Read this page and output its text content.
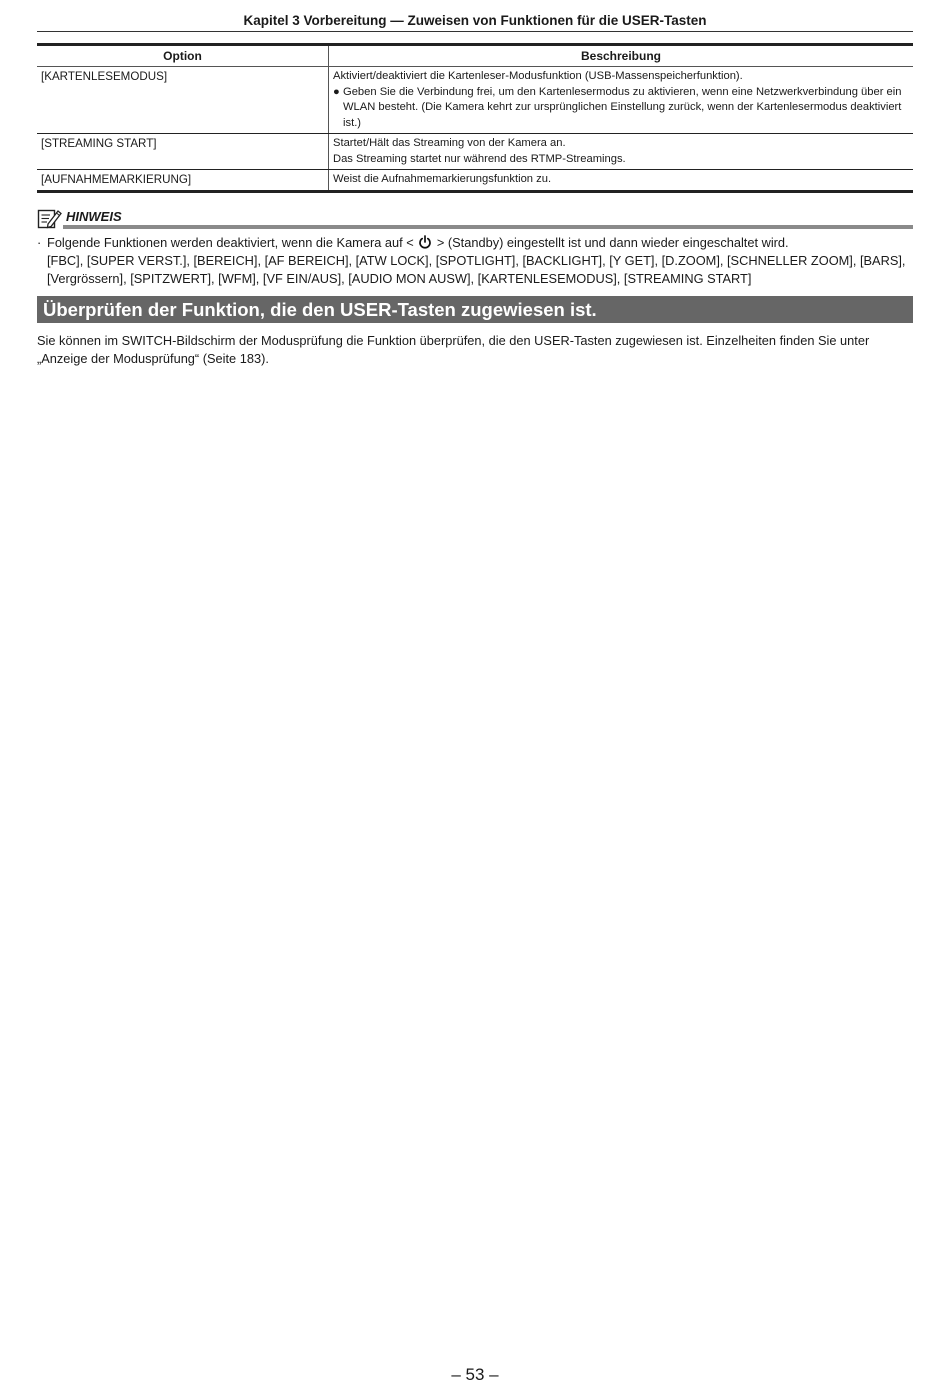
Kapitel 3 Vorbereitung — Zuweisen von Funktionen für die USER-Tasten
Option	Beschreibung
[KARTENLESEMODUS]	Aktiviert/deaktiviert die Kartenleser-Modusfunktion (USB-Massenspeicherfunktion).
● Geben Sie die Verbindung frei, um den Kartenlesermodus zu aktivieren, wenn eine Netzwerkverbindung über ein WLAN besteht. (Die Kamera kehrt zur ursprünglichen Einstellung zurück, wenn der Kartenlesermodus deaktiviert ist.)

[STREAMING START]	Startet/Hält das Streaming von der Kamera an.
Das Streaming startet nur während des RTMP-Streamings.

[AUFNAHMEMARKIERUNG]	Weist die Aufnahmemarkierungsfunktion zu.
HINWEIS
· Folgende Funktionen werden deaktiviert, wenn die Kamera auf < > (Standby) eingestellt ist und dann wieder eingeschaltet wird.
[FBC], [SUPER VERST.], [BEREICH], [AF BEREICH], [ATW LOCK], [SPOTLIGHT], [BACKLIGHT], [Y GET], [D.ZOOM], [SCHNELLER ZOOM], [BARS], [Vergrössern], [SPITZWERT], [WFM], [VF EIN/AUS], [AUDIO MON AUSW], [KARTENLESEMODUS], [STREAMING START]
Überprüfen der Funktion, die den USER-Tasten zugewiesen ist.
Sie können im SWITCH-Bildschirm der Modusprüfung die Funktion überprüfen, die den USER-Tasten zugewiesen ist. Einzelheiten finden Sie unter „Anzeige der Modusprüfung“ (Seite 183).
– 53 –
